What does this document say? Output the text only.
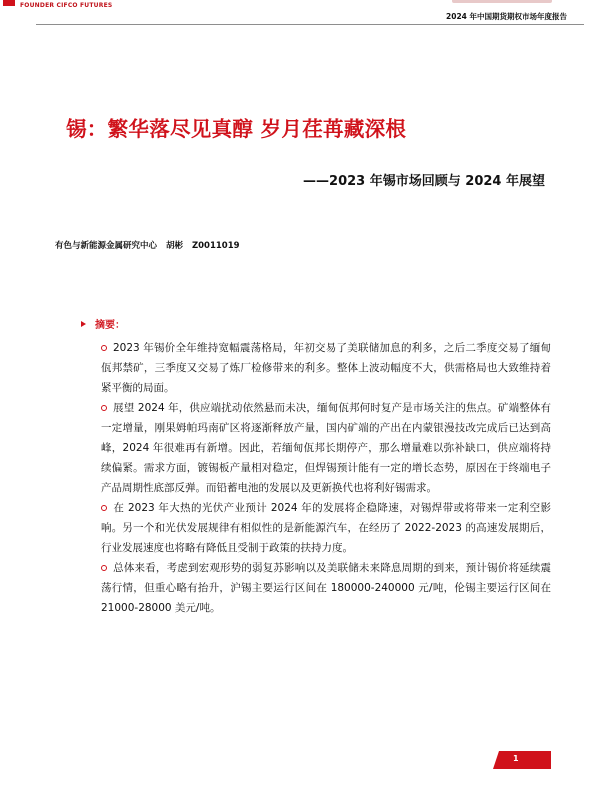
FOUNDER CIFCO FUTURES
2024 年中国期货期权市场年度报告
锡：繁华落尽见真醇 岁月荏苒藏深根
——2023 年锡市场回顾与 2024 年展望
有色与新能源金属研究中心 胡彬 Z0011019
摘要：

2023 年锡价全年维持宽幅震荡格局，年初交易了美联储加息的利多，之后二季度交易了缅甸佤邦禁矿，三季度又交易了炼厂检修带来的利多。整体上波动幅度不大，供需格局也大致维持着紧平衡的局面。

展望 2024 年，供应端扰动依然悬而未决，缅甸佤邦何时复产是市场关注的焦点。矿端整体有一定增量，刚果姆帕玛南矿区将逐渐释放产量，国内矿端的产出在内蒙银漫技改完成后已达到高峰，2024 年很难再有新增。因此，若缅甸佤邦长期停产，那么增量难以弥补缺口，供应端将持续偏紧。需求方面，镀锡板产量相对稳定，但焊锡预计能有一定的增长态势，原因在于终端电子产品周期性底部反弹。而铅蓄电池的发展以及更新换代也将利好锡需求。

在 2023 年大热的光伏产业预计 2024 年的发展将企稳降速，对锡焊带或将带来一定利空影响。另一个和光伏发展规律有相似性的是新能源汽车，在经历了 2022-2023 的高速发展期后，行业发展速度也将略有降低且受制于政策的扶持力度。

总体来看，考虑到宏观形势的弱复苏影响以及美联储未来降息周期的到来，预计锡价将延续震荡行情，但重心略有抬升，沪锡主要运行区间在 180000-240000 元/吨，伦锡主要运行区间在 21000-28000 美元/吨。

1
